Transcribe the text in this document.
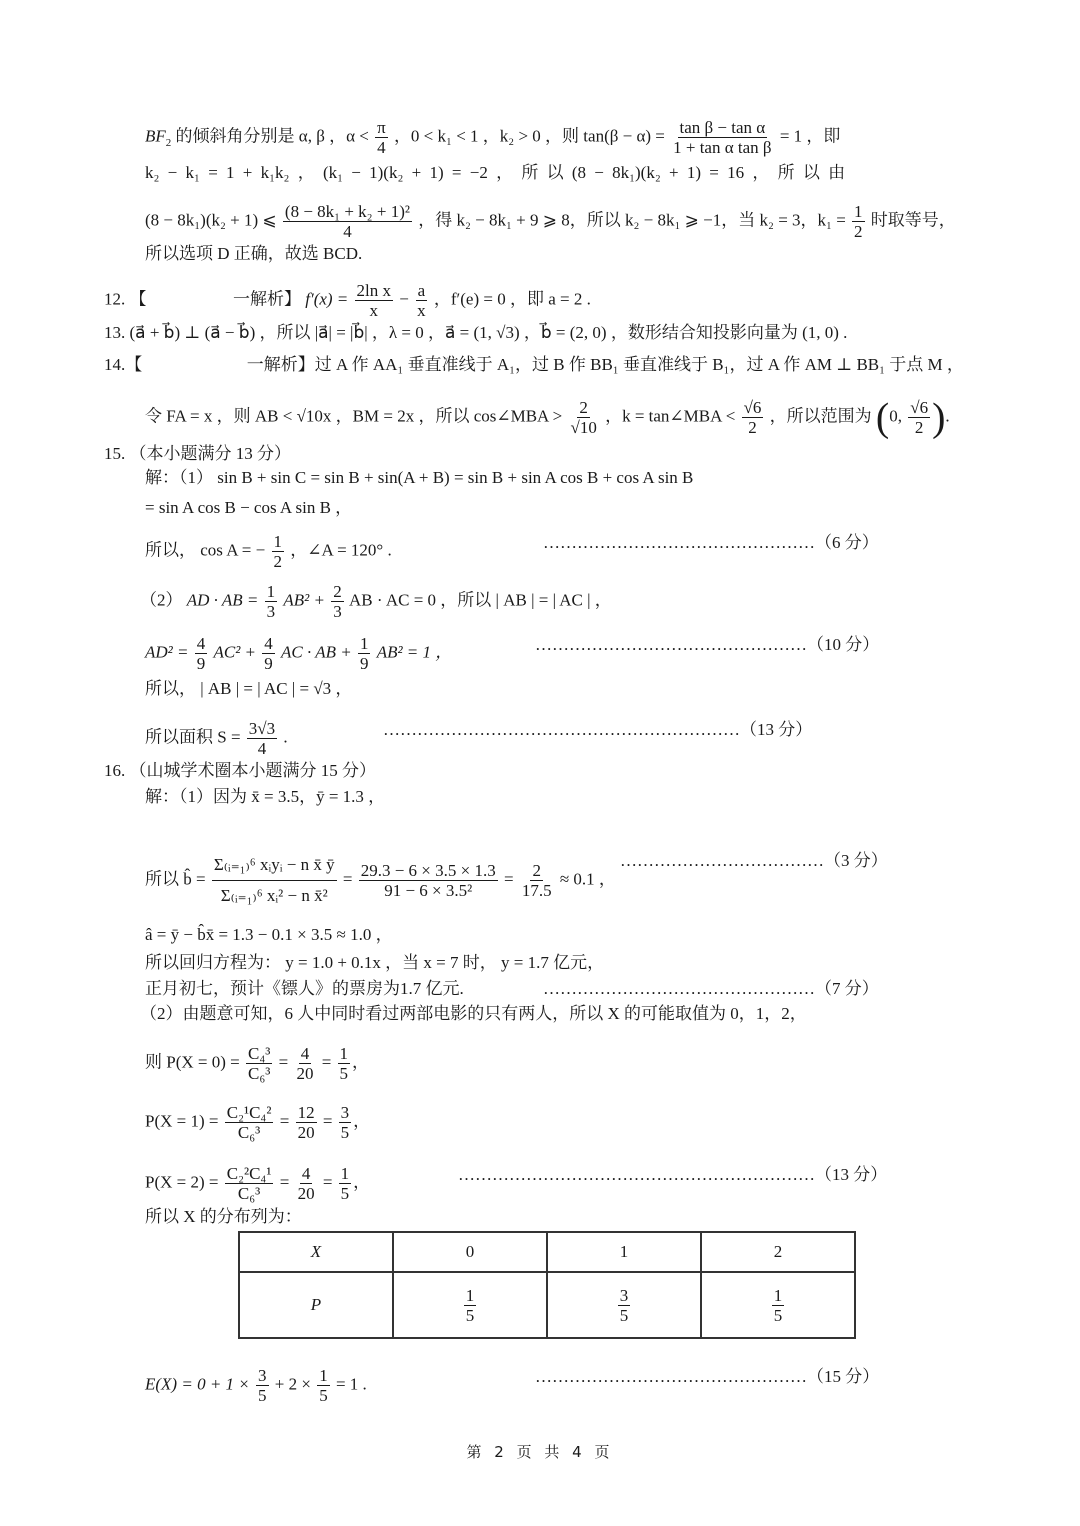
$BF_2$ 的倾斜角分别是 α, β ，$\alpha < \frac{\pi}{4}$ ，0 < k₁ < 1 ，k₂ > 0 ，则 $\tan(\beta - \alpha) = \frac{\text{tan β − tan α}}{\text{1 + tan α tan β}} = 1$ ，即
k₂ − k₁ = 1 + k₁k₂ ， (k₁ − 1)(k₂ + 1) = −2 ， 所 以 (8 − 8k₁)(k₂ + 1) = 16 ， 所 以 由
(8 − 8k₁)(k₂ + 1) ⩽ $\frac{\text{(8 − 8k₁ + k₂ + 1)²}}{4}$ ，得 k₂ − 8k₁ + 9 ⩾ 8，所以 k₂ − 8k₁ ⩾ −1，当 k₂ = 3，$k_1 = \frac{1}{2}$ 时取等号，
所以选项 D 正确，故选 BCD.
12. 【	一解析】 $f'(x) = \frac{\text{2ln x}}{x} - \frac{a}{x}$ ，f′(e) = 0 ，即 a = 2 .
13. (a⃗ + b⃗) ⊥ (a⃗ − b⃗) ，所以 |a⃗| = |b⃗| ，λ = 0 ，a⃗ = (1, √3) ，b⃗ = (2, 0) ，数形结合知投影向量为 (1, 0) .
14.【	一解析】过 A 作 AA₁ 垂直准线于 A₁，过 B 作 BB₁ 垂直准线于 B₁，过 A 作 AM ⊥ BB₁ 于点 M ，
令 FA = x ，则 AB < √10x ，BM = 2x ，所以 cos∠MBA > $\frac{2}{√10}$ ，k = tan∠MBA < $\frac{√6}{2}$ ，所以范围为 (0, $\frac{√6}{2}$ ).
15. （本小题满分 13 分）
解：（1） sin B + sin C = sin B + sin(A + B) = sin B + sin A cos B + cos A sin B
= sin A cos B − cos A sin B ，
所以， cos A = − $\frac{1}{2}$ ，∠A = 120° .	…………………………………………（6 分）
（2） AD · AB = $\frac{1}{3} AB^2 + \frac{2}{3}$ AB · AC = 0 ，所以 | AB | = | AC | ，
$AD^2 = \frac{4}{9} AC^2 + \frac{4}{9}$ AC · AB + $\frac{1}{9} AB^2 = 1$ ，	…………………………………………（10 分）
所以， | AB | = | AC | = √3 ，
所以面积 $S = \frac{3√3}{4}$ .	………………………………………………………（13 分）
16. （山城学术圈本小题满分 15 分）
解：（1）因为 x̄ = 3.5，ȳ = 1.3 ，
所以 b̂ = $\frac{\text{Σ₍ᵢ₌₁₎⁶ xᵢyᵢ − n x̄ ȳ}}{\text{Σ₍ᵢ₌₁₎⁶ xᵢ² − n x̄²}} = \frac{29.3 - 6 \times 3.5 \times 1.3}{\text{91 − 6 × 3.5²}} = \frac{2}{17.5} \approx 0.1$ ，
………………………………（3 分）
â = ȳ − b̂x̄ = 1.3 − 0.1 × 3.5 ≈ 1.0 ，
所以回归方程为： y = 1.0 + 0.1x ，当 x = 7 时， y = 1.7 亿元，
正月初七，预计《镖人》的票房为1.7 亿元.	…………………………………………（7 分）
（2）由题意可知，6 人中同时看过两部电影的只有两人，所以 X 的可能取值为 0，1，2，
则 $P(X = 0) = \frac{\text{C₄³}}{\text{C₆³}} = \frac{4}{20} = \frac{1}{5}$ ，
$P(X = 1) = \frac{\text{C₂¹C₄²}}{\text{C₆³}} = \frac{12}{20} = \frac{3}{5}$ ，
$P(X = 2) = \frac{\text{C₂²C₄¹}}{\text{C₆³}} = \frac{4}{20} = \frac{1}{5}$ ，	………………………………………………………（13 分）
所以 X 的分布列为：
X	0	1	2
P	$\frac{1}{5}$	$\frac{3}{5}$	$\frac{1}{5}$
$E(X) = 0 + 1 \times \frac{3}{5} + 2 \times \frac{1}{5} = 1$ .	…………………………………………（15 分）
第 2 页 共 4 页
